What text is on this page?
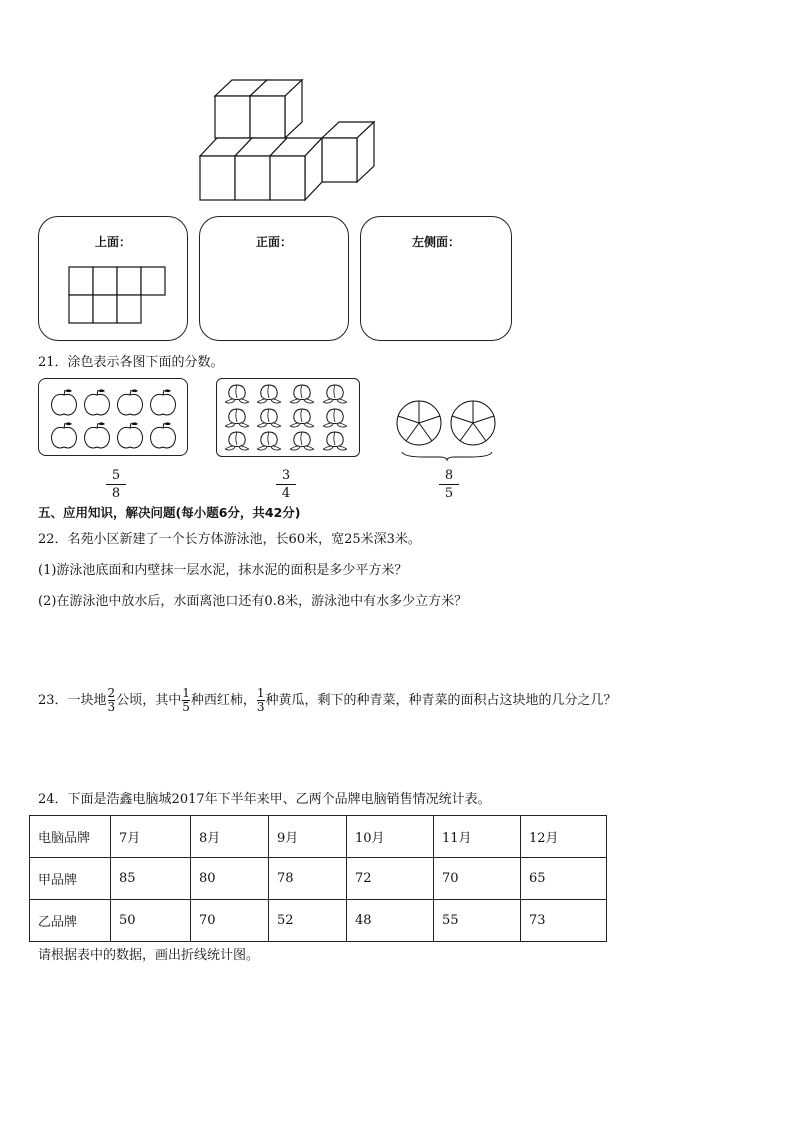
上面：	正面：	左侧面：
21．涂色表示各图下面的分数。
5
8
3
4
8
5
五、应用知识，解决问题(每小题6分，共42分)
22．名苑小区新建了一个长方体游泳池，长60米，宽25米深3米。
(1)游泳池底面和内壁抹一层水泥，抹水泥的面积是多少平方米？
(2)在游泳池中放水后，水面离池口还有0.8米，游泳池中有水多少立方米？
23．一块地$\frac{2}{3}$公顷，其中$\frac{1}{5}$种西红柿，$\frac{1}{3}$种黄瓜，剩下的种青菜，种青菜的面积占这块地的几分之几？
24．下面是浩鑫电脑城2017年下半年来甲、乙两个品牌电脑销售情况统计表。
电脑品牌	7月	8月	9月	10月	11月	12月
甲品牌	85	80	78	72	70	65
乙品牌	50	70	52	48	55	73
请根据表中的数据，画出折线统计图。
